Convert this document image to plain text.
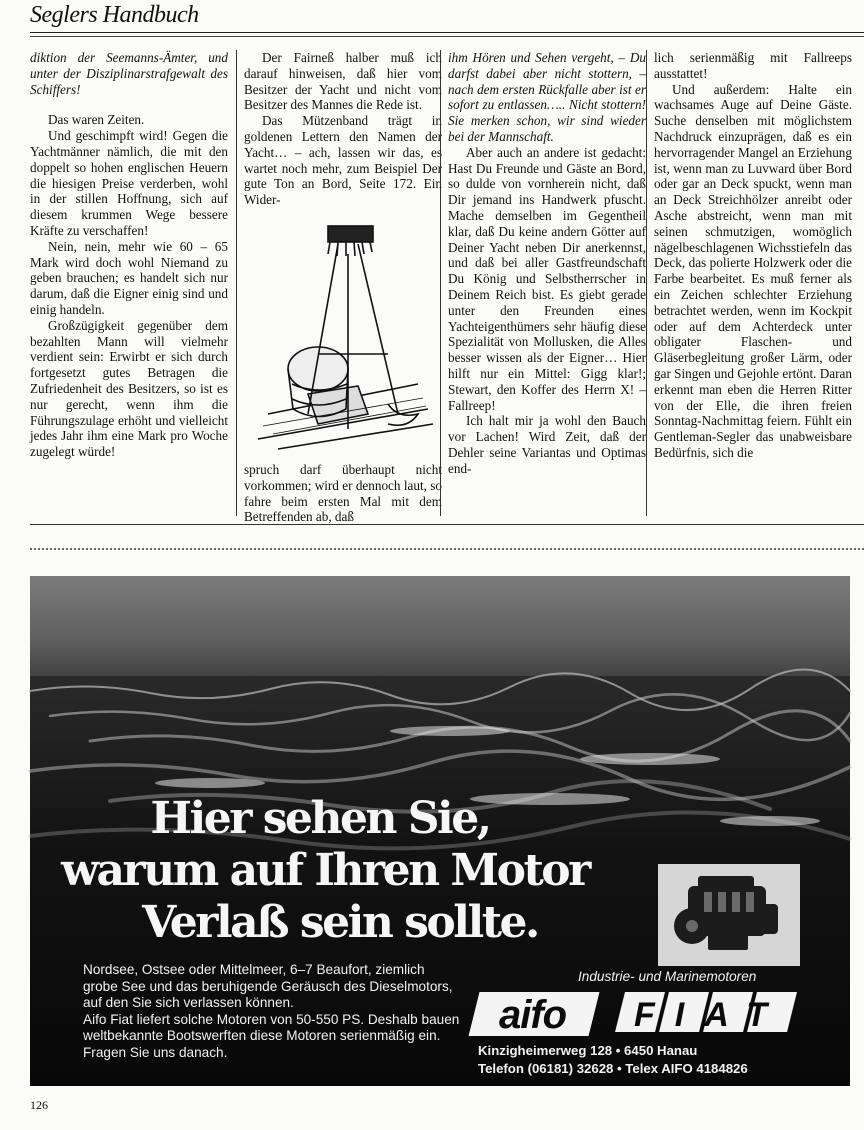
Seglers Handbuch

diktion der Seemanns-Ämter, und unter der Disziplinarstrafgewalt des Schiffers!

Das waren Zeiten.

Und geschimpft wird! Gegen die Yachtmänner nämlich, die mit den doppelt so hohen englischen Heuern die hiesigen Preise verderben, wohl in der stillen Hoffnung, sich auf diesem krummen Wege bessere Kräfte zu verschaffen!

Nein, nein, mehr wie 60 – 65 Mark wird doch wohl Niemand zu geben brauchen; es handelt sich nur darum, daß die Eigner einig sind und einig handeln.

Großzügigkeit gegenüber dem bezahlten Mann will vielmehr verdient sein: Erwirbt er sich durch fortgesetzt gutes Betragen die Zufriedenheit des Besitzers, so ist es nur gerecht, wenn ihm die Führungszulage erhöht und vielleicht jedes Jahr ihm eine Mark pro Woche zugelegt würde!

Der Fairneß halber muß ich darauf hinweisen, daß hier vom Besitzer der Yacht und nicht vom Besitzer des Mannes die Rede ist.

Das Mützenband trägt in goldenen Lettern den Namen der Yacht… – ach, lassen wir das, es wartet noch mehr, zum Beispiel Der gute Ton an Bord, Seite 172. Ein Wider-

spruch darf überhaupt nicht vorkommen; wird er dennoch laut, so fahre beim ersten Mal mit dem Betreffenden ab, daß

ihm Hören und Sehen vergeht, – Du darfst dabei aber nicht stottern, – nach dem ersten Rückfalle aber ist er sofort zu entlassen….. Nicht stottern! Sie merken schon, wir sind wieder bei der Mannschaft.

Aber auch an andere ist gedacht: Hast Du Freunde und Gäste an Bord, so dulde von vornherein nicht, daß Dir jemand ins Handwerk pfuscht. Mache demselben im Gegentheil klar, daß Du keine andern Götter auf Deiner Yacht neben Dir anerkennst, und daß bei aller Gastfreundschaft Du König und Selbstherrscher in Deinem Reich bist. Es giebt gerade unter den Freunden eines Yachteigenthümers sehr häufig diese Spezialität von Mollusken, die Alles besser wissen als der Eigner… Hier hilft nur ein Mittel: Gigg klar!; Stewart, den Koffer des Herrn X! – Fallreep!

Ich halt mir ja wohl den Bauch vor Lachen! Wird Zeit, daß der Dehler seine Variantas und Optimas end-

lich serienmäßig mit Fallreeps ausstattet!

Und außerdem: Halte ein wachsames Auge auf Deine Gäste. Suche denselben mit möglichstem Nachdruck einzuprägen, daß es ein hervorragender Mangel an Erziehung ist, wenn man zu Luvward über Bord oder gar an Deck spuckt, wenn man an Deck Streichhölzer anreibt oder Asche abstreicht, wenn man mit seinen schmutzigen, womöglich nägelbeschlagenen Wichsstiefeln das Deck, das polierte Holzwerk oder die Farbe bearbeitet. Es muß ferner als ein Zeichen schlechter Erziehung betrachtet werden, wenn im Kockpit oder auf dem Achterdeck unter obligater Flaschen- und Gläserbegleitung großer Lärm, oder gar Singen und Gejohle ertönt. Daran erkennt man eben die Herren Ritter von der Elle, die ihren freien Sonntag-Nachmittag feiern. Fühlt ein Gentleman-Segler das unabweisbare Bedürfnis, sich die

Hier sehen Sie,
warum auf Ihren Motor
Verlaß sein sollte.

Nordsee, Ostsee oder Mittelmeer, 6–7 Beaufort, ziemlich grobe See und das beruhigende Geräusch des Dieselmotors, auf den Sie sich verlassen können.

Aifo Fiat liefert solche Motoren von 50-550 PS. Deshalb bauen weltbekannte Bootswerften diese Motoren serienmäßig ein. Fragen Sie uns danach.

Industrie- und Marinemotoren
aifo FIAT
Kinzigheimerweg 128 • 6450 Hanau
Telefon (06181) 32628 • Telex AIFO 4184826
126
